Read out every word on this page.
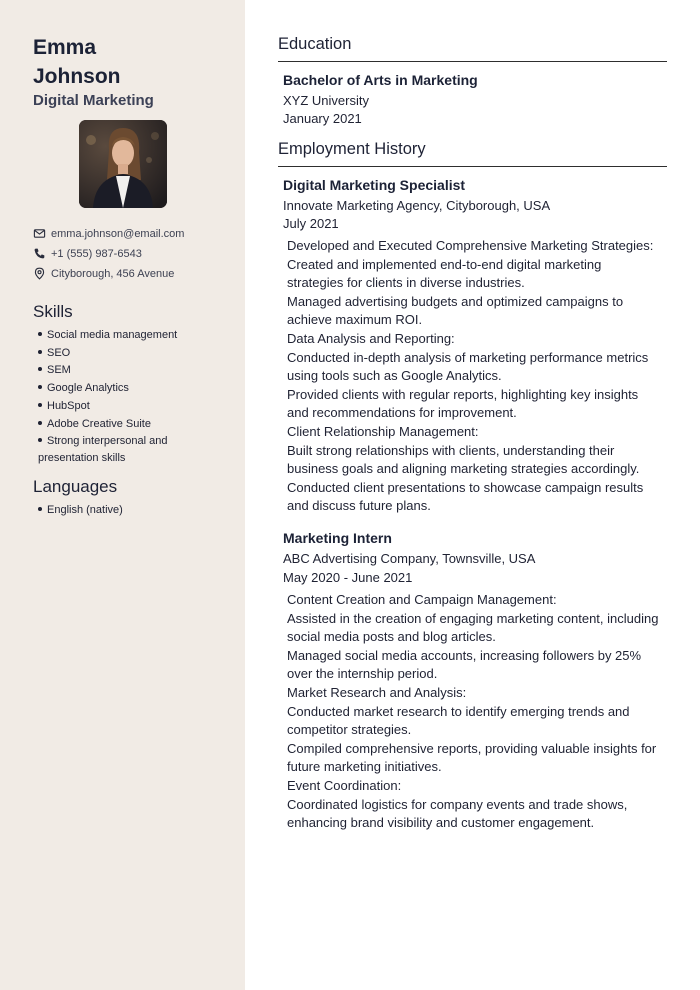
Emma
Johnson
Digital Marketing
emma.johnson@email.com
+1 (555) 987-6543
Cityborough, 456 Avenue
Skills
Social media management
SEO
SEM
Google Analytics
HubSpot
Adobe Creative Suite
Strong interpersonal and presentation skills
Languages
English (native)
Education
Bachelor of Arts in Marketing
XYZ University
January 2021
Employment History
Digital Marketing Specialist
Innovate Marketing Agency, Cityborough, USA
July 2021
Developed and Executed Comprehensive Marketing Strategies:
Created and implemented end-to-end digital marketing strategies for clients in diverse industries.
Managed advertising budgets and optimized campaigns to achieve maximum ROI.
Data Analysis and Reporting:
Conducted in-depth analysis of marketing performance metrics using tools such as Google Analytics.
Provided clients with regular reports, highlighting key insights and recommendations for improvement.
Client Relationship Management:
Built strong relationships with clients, understanding their business goals and aligning marketing strategies accordingly.
Conducted client presentations to showcase campaign results and discuss future plans.
Marketing Intern
ABC Advertising Company, Townsville, USA
May 2020 - June 2021
Content Creation and Campaign Management:
Assisted in the creation of engaging marketing content, including social media posts and blog articles.
Managed social media accounts, increasing followers by 25% over the internship period.
Market Research and Analysis:
Conducted market research to identify emerging trends and competitor strategies.
Compiled comprehensive reports, providing valuable insights for future marketing initiatives.
Event Coordination:
Coordinated logistics for company events and trade shows, enhancing brand visibility and customer engagement.
